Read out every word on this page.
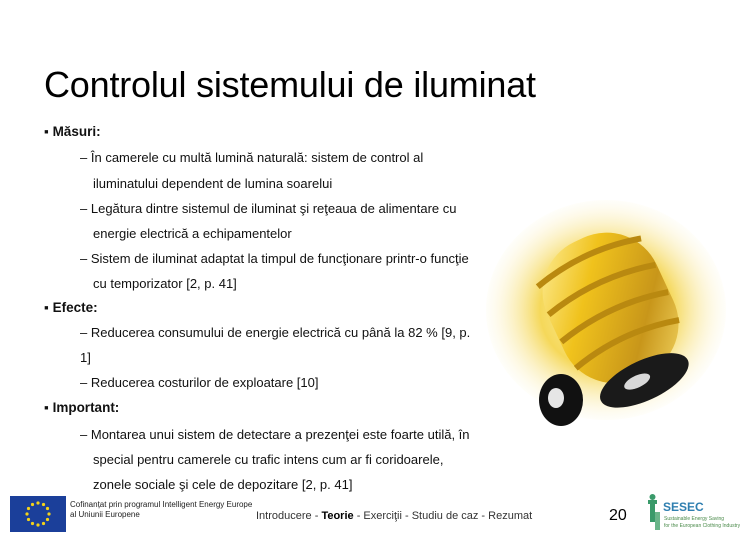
Controlul sistemului de iluminat
▪ Măsuri:
– În camerele cu multă lumină naturală: sistem de control al
iluminatului dependent de lumina soarelui
– Legătura dintre sistemul de iluminat şi reţeaua de alimentare cu
energie electrică a echipamentelor
– Sistem de iluminat adaptat la timpul de funcţionare printr-o funcţie
cu temporizator [2, p. 41]
▪ Efecte:
– Reducerea consumului de energie electrică cu până la 82 % [9, p.
1]
– Reducerea costurilor de exploatare [10]
▪ Important:
– Montarea unui sistem de detectare a prezenţei este foarte utilă, în
special pentru camerele cu trafic intens cum ar fi coridoarele,
zonele sociale şi cele de depozitare [2, p. 41]
Cofinanțat prin programul Intelligent Energy Europe
al Uniunii Europene	Introducere - Teorie - Exerciţii - Studiu de caz - Rezumat	20	SESEC
Sustainable Energy Saving
for the European Clothing Industry
